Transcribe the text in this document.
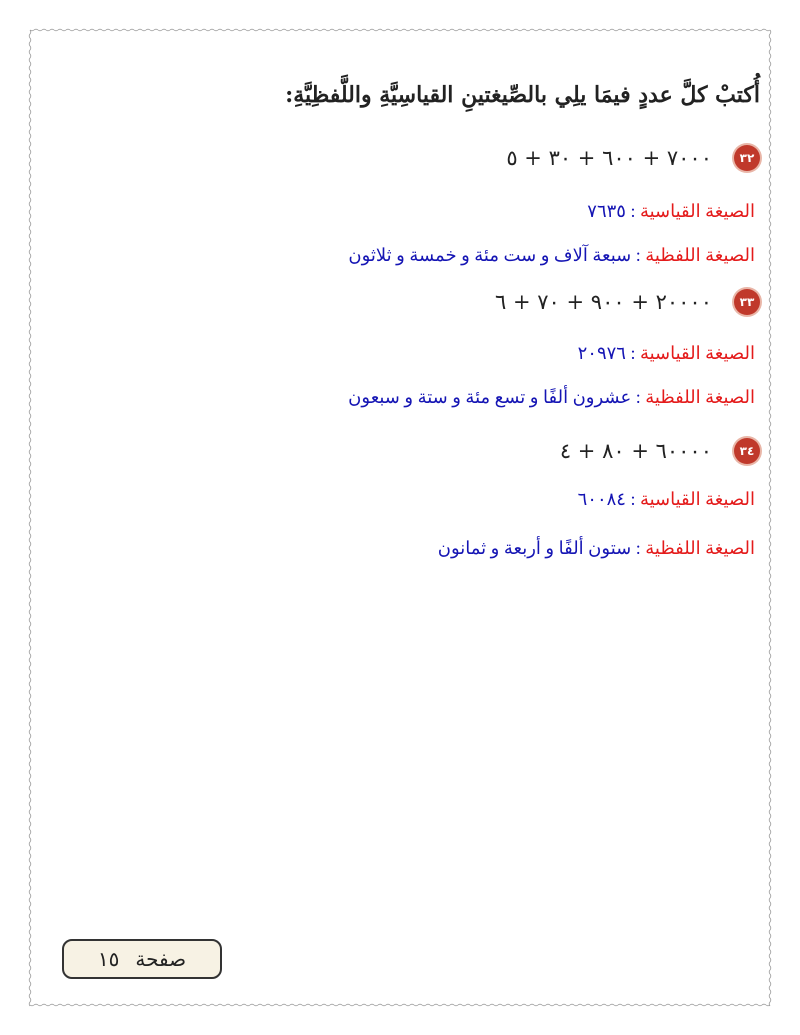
أُكتبْ كلَّ عددٍ فيمَا يلِي بالصِّيغتينِ القياسِيَّةِ واللَّفظِيَّةِ:
٣٢
٧٠٠٠ + ٦٠٠ + ٣٠ + ٥
الصيغة القياسية : ٧٦٣٥
الصيغة اللفظية : سبعة آلاف و ست مئة و خمسة و ثلاثون
٣٣
٢٠٠٠٠ + ٩٠٠ + ٧٠ + ٦
الصيغة القياسية : ٢٠٩٧٦
الصيغة اللفظية : عشرون ألفًا و تسع مئة و ستة و سبعون
٣٤
٦٠٠٠٠ + ٨٠ + ٤
الصيغة القياسية : ٦٠٠٨٤
الصيغة اللفظية : ستون ألفًا و أربعة و ثمانون
صفحة
١٥
